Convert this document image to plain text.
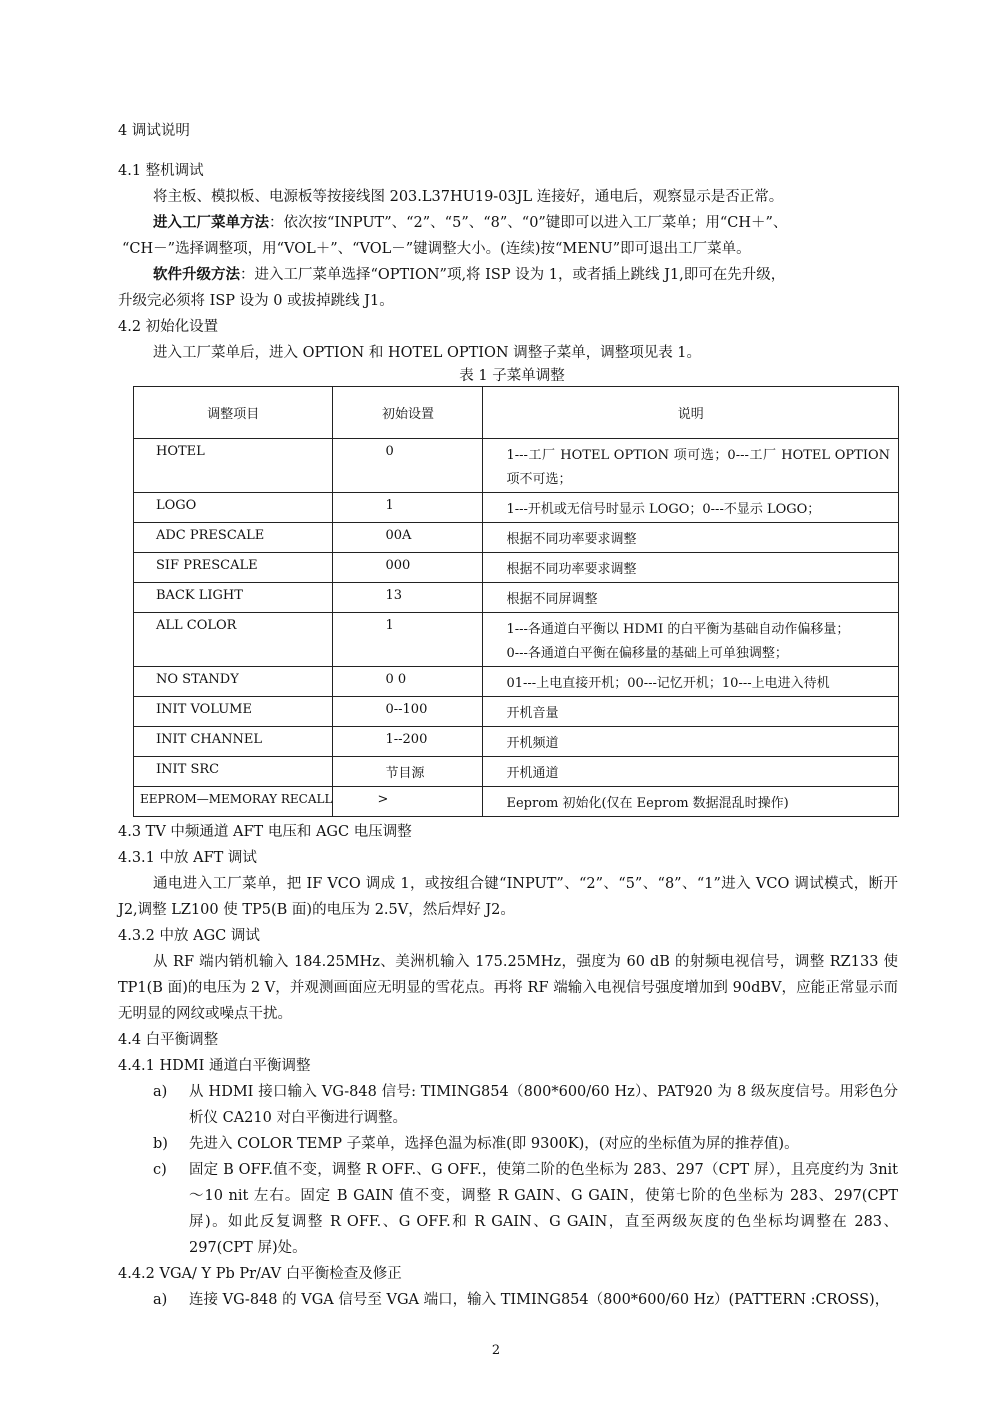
4 调试说明
4.1 整机调试
将主板、模拟板、电源板等按接线图 203.L37HU19-03JL 连接好，通电后，观察显示是否正常。
进入工厂菜单方法：依次按“INPUT”、“2”、“5”、“8”、“0”键即可以进入工厂菜单；用“CH＋”、
“CH－”选择调整项，用“VOL＋”、“VOL－”键调整大小。(连续)按“MENU”即可退出工厂菜单。
软件升级方法：进入工厂菜单选择“OPTION”项,将 ISP 设为 1，或者插上跳线 J1,即可在先升级，
升级完必须将 ISP 设为 0 或拔掉跳线 J1。
4.2 初始化设置
进入工厂菜单后，进入 OPTION 和 HOTEL OPTION 调整子菜单，调整项见表 1。
表 1 子菜单调整
调整项目	初始设置	说明
HOTEL	0	1---工厂 HOTEL OPTION 项可选；0---工厂 HOTEL OPTION 项不可选；
LOGO	1	1---开机或无信号时显示 LOGO；0---不显示 LOGO；
ADC PRESCALE	00A	根据不同功率要求调整
SIF PRESCALE	000	根据不同功率要求调整
BACK LIGHT	13	根据不同屏调整
ALL COLOR	1	1---各通道白平衡以 HDMI 的白平衡为基础自动作偏移量；
0---各通道白平衡在偏移量的基础上可单独调整；

NO STANDY	0 0	01---上电直接开机；00---记忆开机；10---上电进入待机
INIT VOLUME	0--100	开机音量
INIT CHANNEL	1--200	开机频道
INIT SRC	节目源	开机通道
EEPROM—MEMORAY RECALL	>	Eeprom 初始化(仅在 Eeprom 数据混乱时操作)
4.3 TV 中频通道 AFT 电压和 AGC 电压调整
4.3.1 中放 AFT 调试
通电进入工厂菜单，把 IF VCO 调成 1，或按组合键“INPUT”、“2”、“5”、“8”、“1”进入 VCO 调试模式，断开 J2,调整 LZ100 使 TP5(B 面)的电压为 2.5V，然后焊好 J2。
4.3.2 中放 AGC 调试
从 RF 端内销机输入 184.25MHz、美洲机输入 175.25MHz，强度为 60 dB 的射频电视信号，调整 RZ133 使 TP1(B 面)的电压为 2 V，并观测画面应无明显的雪花点。再将 RF 端输入电视信号强度增加到 90dBV，应能正常显示而无明显的网纹或噪点干扰。
4.4 白平衡调整
4.4.1 HDMI 通道白平衡调整
a)	从 HDMI 接口输入 VG-848 信号: TIMING854（800*600/60 Hz）、PAT920 为 8 级灰度信号。用彩色分析仪 CA210 对白平衡进行调整。
b)	先进入 COLOR TEMP 子菜单，选择色温为标准(即 9300K)，(对应的坐标值为屏的推荐值)。
c)	固定 B OFF.值不变，调整 R OFF.、G OFF.，使第二阶的色坐标为 283、297（CPT 屏），且亮度约为 3nit～10 nit 左右。固定 B GAIN 值不变，调整 R GAIN、G GAIN，使第七阶的色坐标为 283、297(CPT 屏)。如此反复调整 R OFF.、G OFF.和 R GAIN、G GAIN，直至两级灰度的色坐标均调整在 283、297(CPT 屏)处。
4.4.2 VGA/ Y Pb Pr/AV 白平衡检查及修正
a)	连接 VG-848 的 VGA 信号至 VGA 端口，输入 TIMING854（800*600/60 Hz）(PATTERN :CROSS)，
2
